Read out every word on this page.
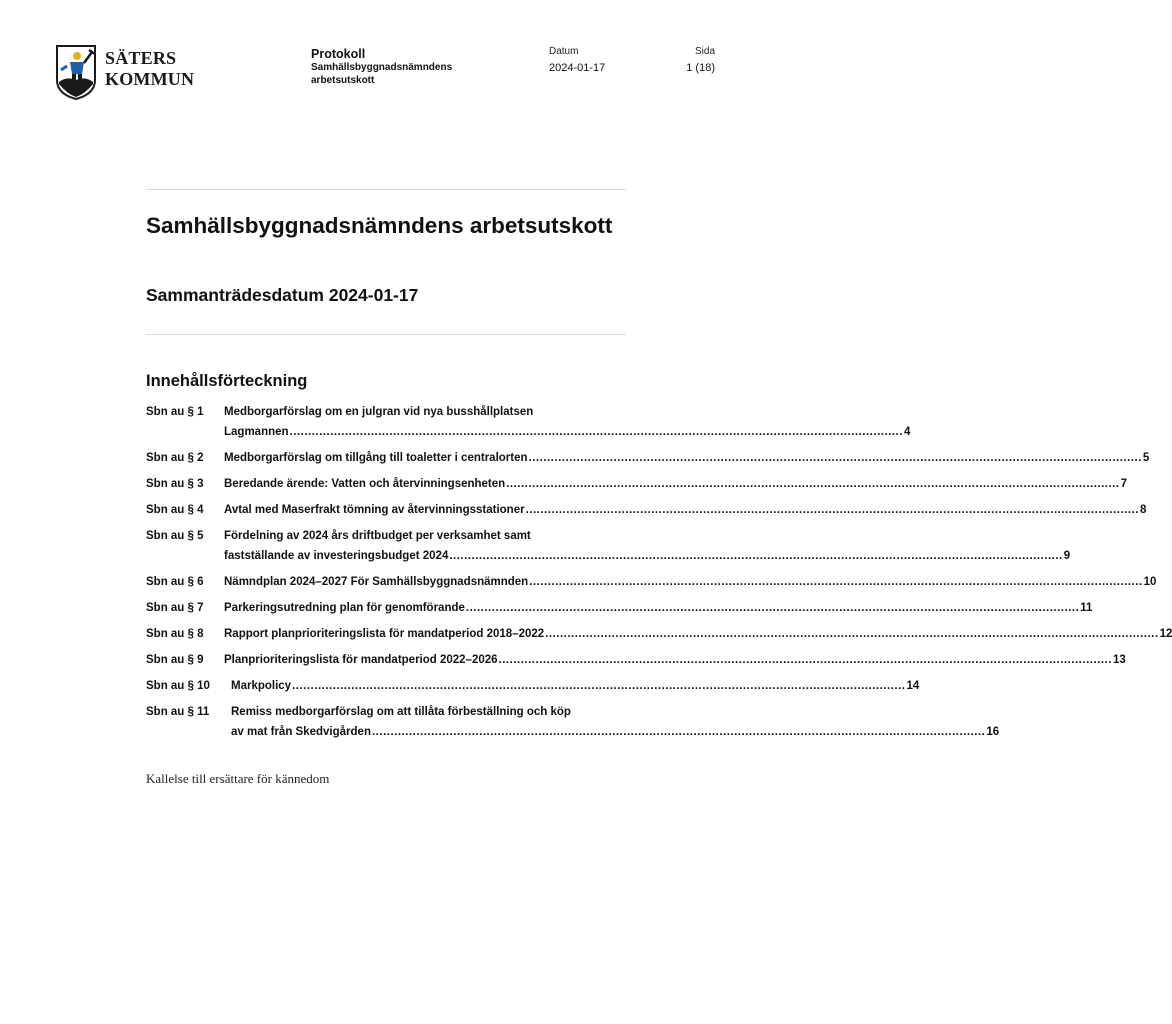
SÄTERS
KOMMUN
Protokoll
Samhällsbyggnadsnämndens arbetsutskott
Datum
2024-01-17
Sida
1 (18)
Samhällsbyggnadsnämndens arbetsutskott
Sammanträdesdatum 2024-01-17
Innehållsförteckning
Sbn au § 1	Medborgarförslag om en julgran vid nya busshållplatsen
Lagmannen .....	4
Sbn au § 2	Medborgarförslag om tillgång till toaletter i centralorten .....	5
Sbn au § 3	Beredande ärende: Vatten och återvinningsenheten .....	7
Sbn au § 4	Avtal med Maserfrakt tömning av återvinningsstationer .....	8
Sbn au § 5	Fördelning av 2024 års driftbudget per verksamhet samt
fastställande av investeringsbudget 2024 .....	9
Sbn au § 6	Nämndplan 2024–2027 För Samhällsbyggnadsnämnden .....	10
Sbn au § 7	Parkeringsutredning plan för genomförande .....	11
Sbn au § 8	Rapport planprioriteringslista för mandatperiod 2018–2022 .....	12
Sbn au § 9	Planprioriteringslista för mandatperiod 2022–2026 .....	13
Sbn au § 10	Markpolicy .....	14
Sbn au § 11	Remiss medborgarförslag om att tillåta förbeställning och köp
av mat från Skedvigården .....	16
Kallelse till ersättare för kännedom
